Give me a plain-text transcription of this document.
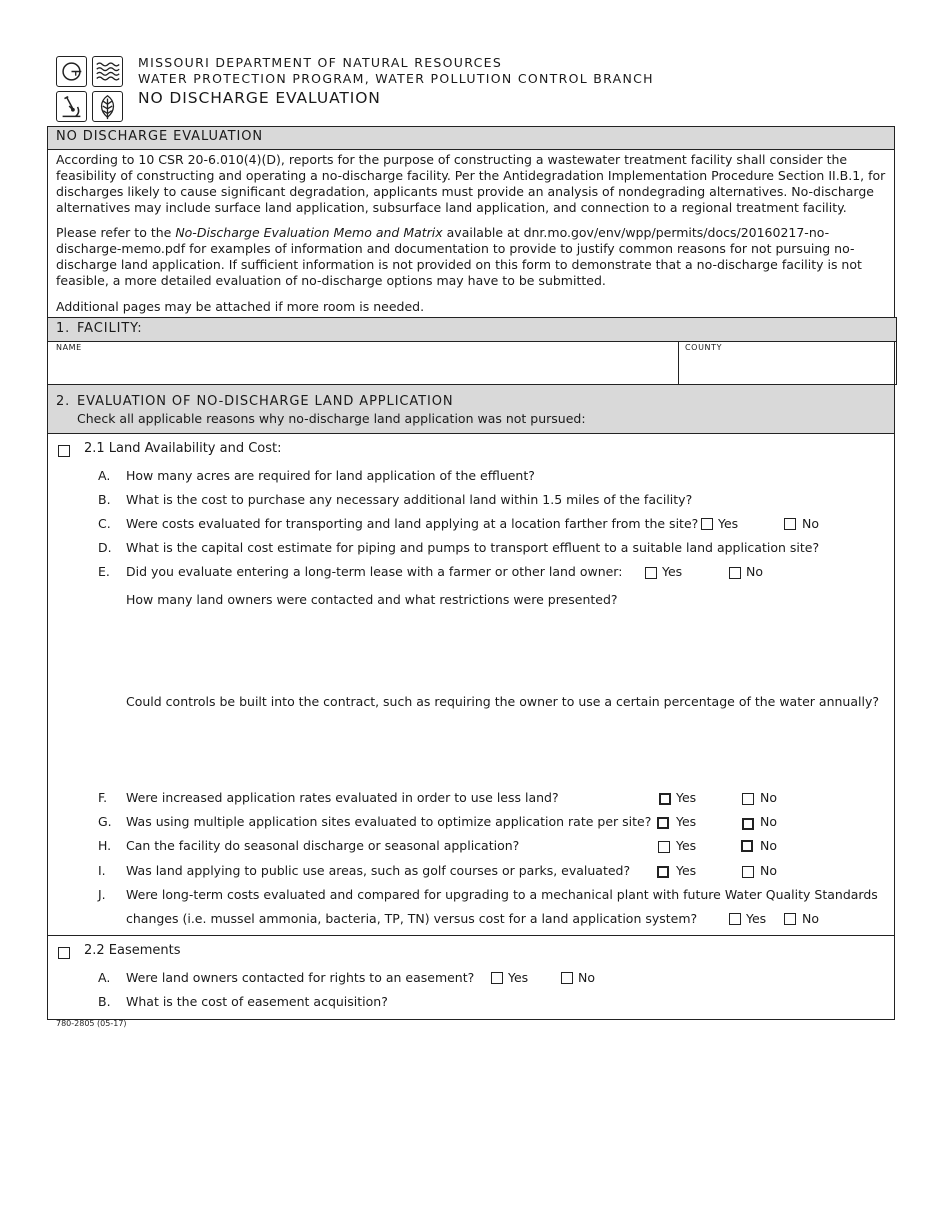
MISSOURI DEPARTMENT OF NATURAL RESOURCES
WATER PROTECTION PROGRAM, WATER POLLUTION CONTROL BRANCH
NO DISCHARGE EVALUATION
NO DISCHARGE EVALUATION
According to 10 CSR 20-6.010(4)(D), reports for the purpose of constructing a wastewater treatment facility shall consider the feasibility of constructing and operating a no-discharge facility. Per the Antidegradation Implementation Procedure Section II.B.1, for discharges likely to cause significant degradation, applicants must provide an analysis of nondegrading alternatives. No-discharge alternatives may include surface land application, subsurface land application, and connection to a regional treatment facility.
Please refer to the No-Discharge Evaluation Memo and Matrix available at dnr.mo.gov/env/wpp/permits/docs/20160217-no-discharge-memo.pdf for examples of information and documentation to provide to justify common reasons for not pursuing no-discharge land application. If sufficient information is not provided on this form to demonstrate that a no-discharge facility is not feasible, a more detailed evaluation of no-discharge options may have to be submitted.
Additional pages may be attached if more room is needed.
1. FACILITY:
NAME	COUNTY
2. EVALUATION OF NO-DISCHARGE LAND APPLICATION
Check all applicable reasons why no-discharge land application was not pursued:
2.1 Land Availability and Cost:
A. How many acres are required for land application of the effluent?
B. What is the cost to purchase any necessary additional land within 1.5 miles of the facility?
C. Were costs evaluated for transporting and land applying at a location farther from the site? Yes	No
D. What is the capital cost estimate for piping and pumps to transport effluent to a suitable land application site?
E. Did you evaluate entering a long-term lease with a farmer or other land owner:	Yes	No
How many land owners were contacted and what restrictions were presented?
Could controls be built into the contract, such as requiring the owner to use a certain percentage of the water annually?
F. Were increased application rates evaluated in order to use less land?	Yes	No
G. Was using multiple application sites evaluated to optimize application rate per site? Yes	No
H. Can the facility do seasonal discharge or seasonal application?	Yes	No
I. Was land applying to public use areas, such as golf courses or parks, evaluated?	Yes	No
J. Were long-term costs evaluated and compared for upgrading to a mechanical plant with future Water Quality Standards
changes (i.e. mussel ammonia, bacteria, TP, TN) versus cost for a land application system?	Yes	No
2.2 Easements
A. Were land owners contacted for rights to an easement?	Yes	No
B. What is the cost of easement acquisition?
780-2805 (05-17)
